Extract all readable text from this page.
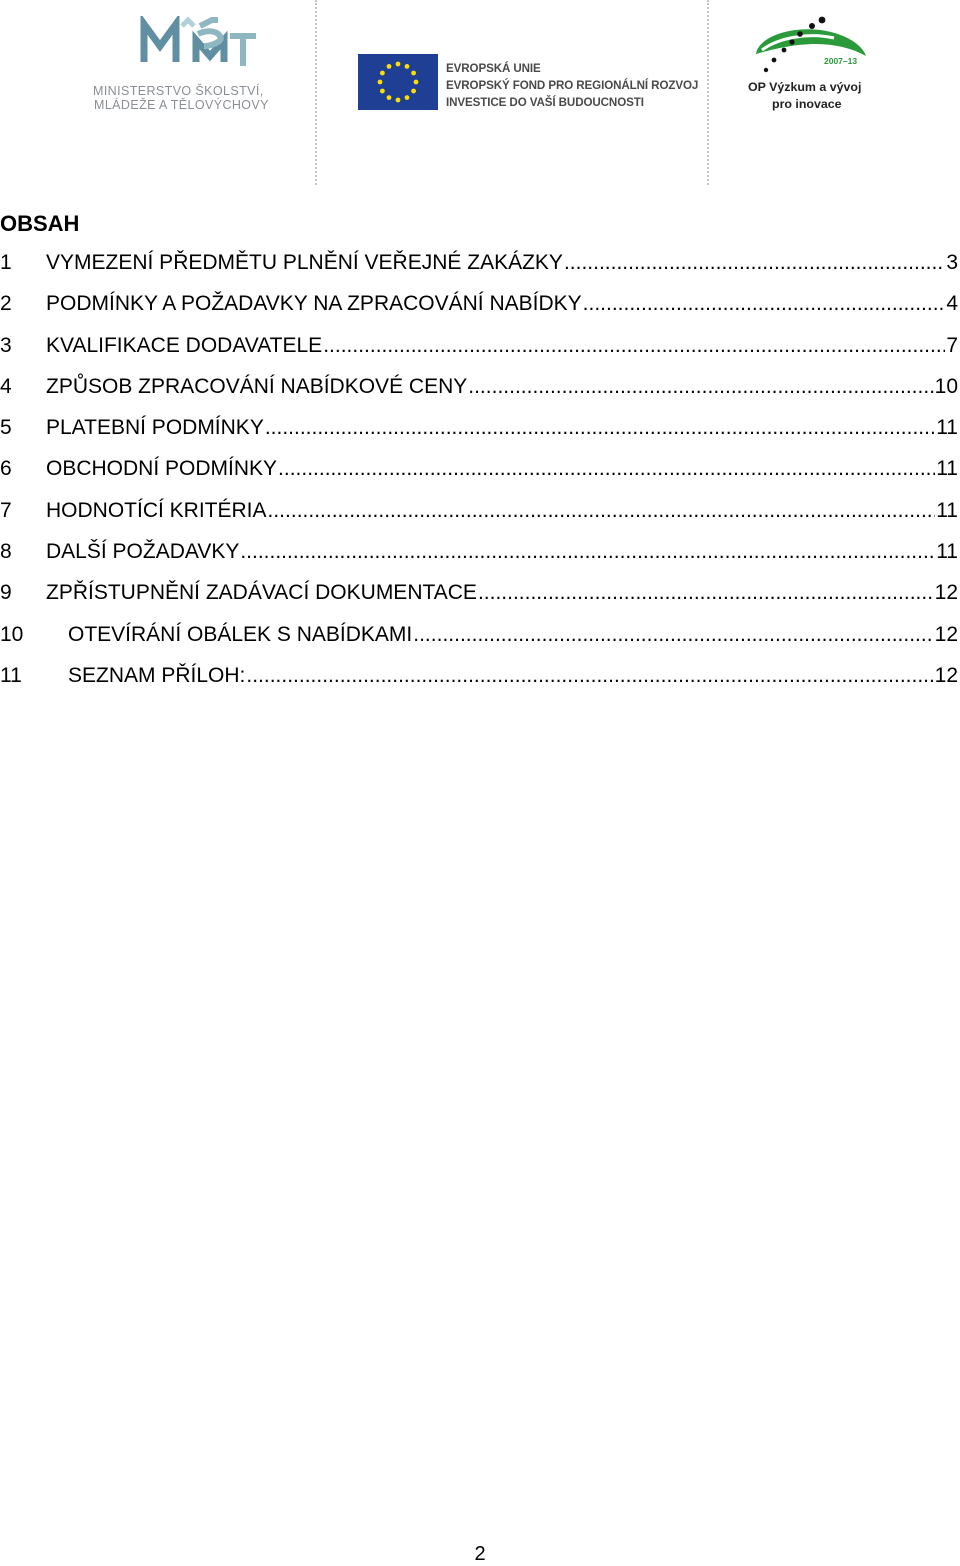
MINISTERSTVO ŠKOLSTVÍ,
MLÁDEŽE A TĚLOVÝCHOVY
EVROPSKÁ UNIE
EVROPSKÝ FOND PRO REGIONÁLNÍ ROZVOJ
INVESTICE DO VAŠÍ BUDOUCNOSTI
2007–13
OP Výzkum a vývoj
pro inovace
OBSAH
1	VYMEZENÍ PŘEDMĚTU PLNĚNÍ VEŘEJNÉ ZAKÁZKY .....	3
2	PODMÍNKY A POŽADAVKY NA ZPRACOVÁNÍ NABÍDKY .....	4
3	KVALIFIKACE DODAVATELE .....	7
4	ZPŮSOB ZPRACOVÁNÍ NABÍDKOVÉ CENY .....	10
5	PLATEBNÍ PODMÍNKY .....	11
6	OBCHODNÍ PODMÍNKY .....	11
7	HODNOTÍCÍ KRITÉRIA .....	11
8	DALŠÍ POŽADAVKY .....	11
9	ZPŘÍSTUPNĚNÍ ZADÁVACÍ DOKUMENTACE .....	12
10	OTEVÍRÁNÍ OBÁLEK S NABÍDKAMI .....	12
11	SEZNAM PŘÍLOH: .....	12
2
